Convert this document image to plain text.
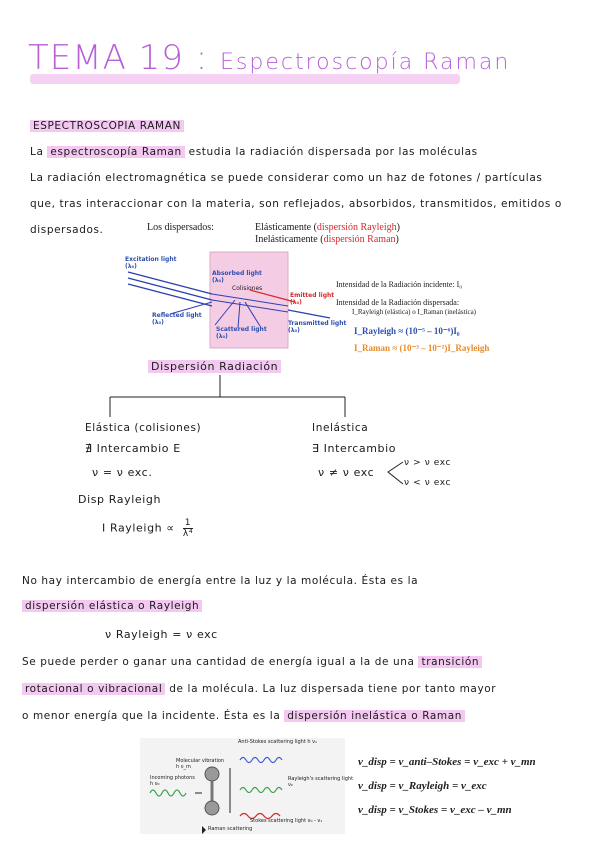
TEMA 19 : Espectroscopía Raman
ESPECTROSCOPIA RAMAN
La espectroscopía Raman estudia la radiación dispersada por las moléculas
La radiación electromagnética se puede considerar como un haz de fotones / partículas
que, tras interaccionar con la materia, son reflejados, absorbidos, transmitidos, emitidos o
dispersados.	Los dispersados:	Elásticamente (dispersión Rayleigh)
Inelásticamente (dispersión Raman)
Excitation light
(λ₀)
Absorbed light
(λ₀)
Colisiones
Emitted light
(λ₀)
Reflected light
(λ₀)
Scattered light
(λ₀)
Transmitted light
(λ₀)
Intensidad de la Radiación incidente: I₀
Intensidad de la Radiación dispersada:
I_Rayleigh (elástica) o I_Raman (inelástica)
I_Rayleigh ≈ (10⁻⁵ – 10⁻⁶)I₀
I_Raman ≈ (10⁻³ – 10⁻²)I_Rayleigh
Dispersión Radiación
Elástica (colisiones)
∄ Intercambio E
ν = ν exc.
Disp Rayleigh
I Rayleigh ∝ $\frac{1}{\text{λ⁴}}$
Inelástica
∃ Intercambio
ν ≠ ν exc
ν > ν exc
ν < ν exc
No hay intercambio de energía entre la luz y la molécula. Ésta es la
dispersión elástica o Rayleigh
ν Rayleigh = ν exc
Se puede perder o ganar una cantidad de energía igual a la de una transición
rotacional o vibracional de la molécula. La luz dispersada tiene por tanto mayor
o menor energía que la incidente. Ésta es la dispersión inelástica o Raman
Anti-Stokes scattering light h ν₁
Molecular vibration
h ν_m
Incoming photons
h ν₀
Rayleigh's scattering light
ν₀
Stokes scattering light ν₀ - ν₁
Raman scattering
ν_disp = ν_anti–Stokes = ν_exc + ν_mn
ν_disp = ν_Rayleigh = ν_exc
ν_disp = ν_Stokes = ν_exc – ν_mn
